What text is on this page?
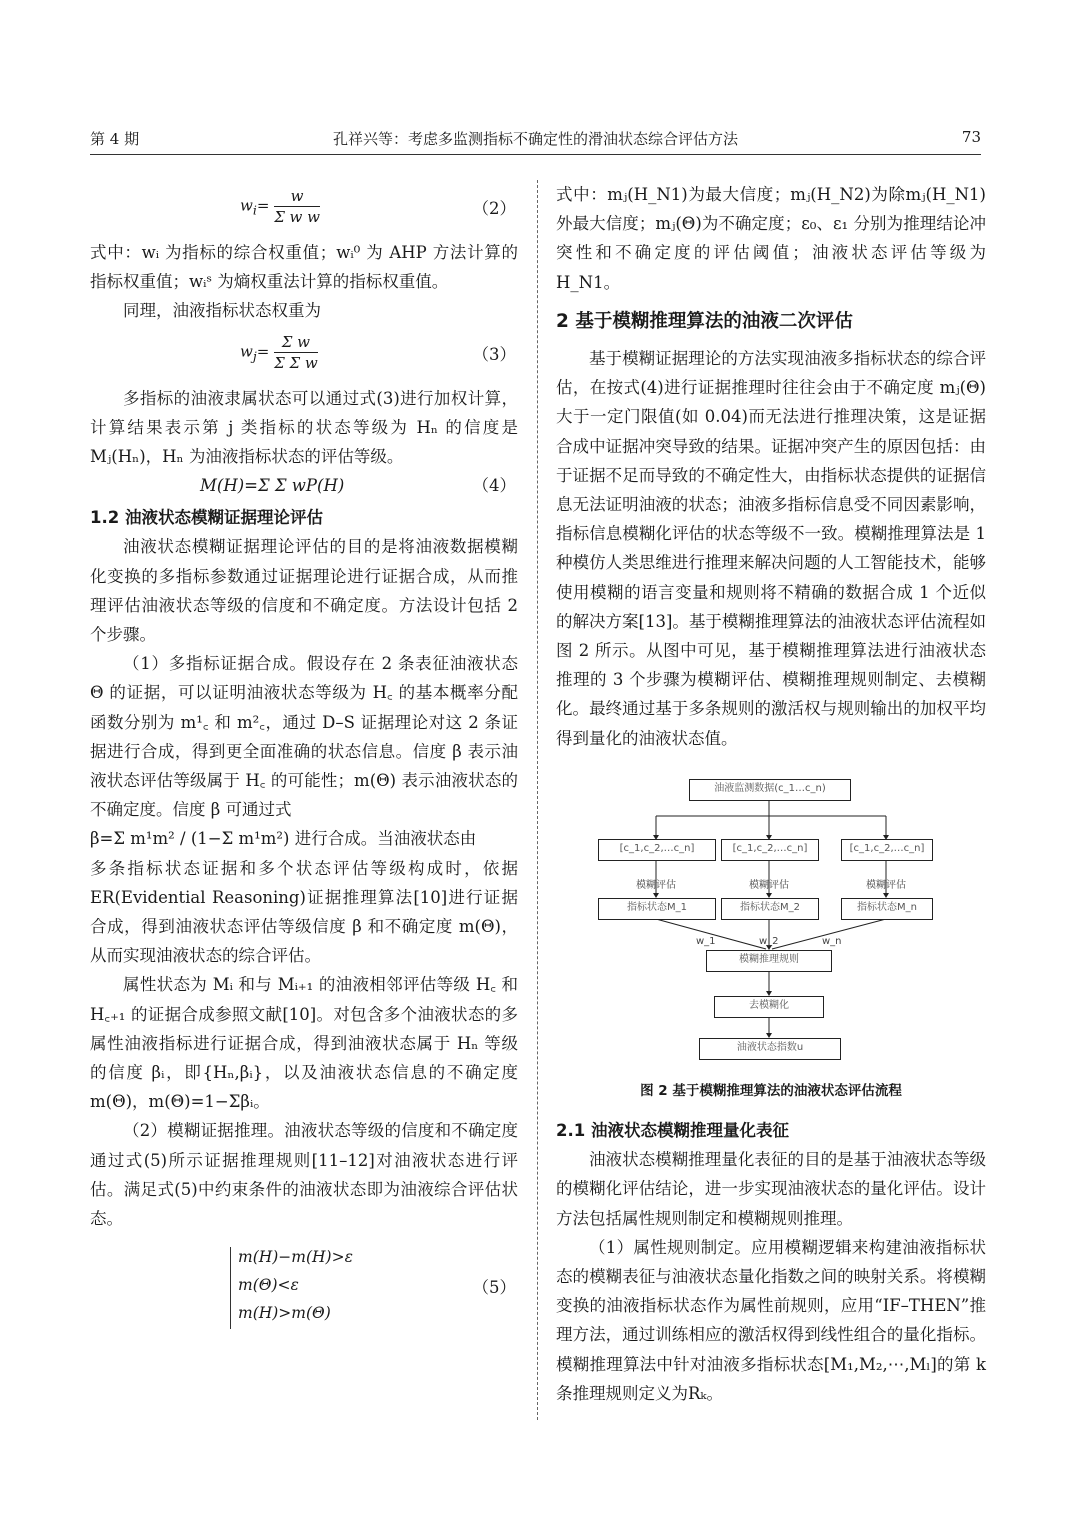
第 4 期	孔祥兴等：考虑多监测指标不确定性的滑油状态综合评估方法	73
$w_i= \frac{w}{\text{Σ w w}}$	（2）

式中：wᵢ 为指标的综合权重值；wᵢ⁰ 为 AHP 方法计算的指标权重值；wᵢˢ 为熵权重法计算的指标权重值。

同理，油液指标状态权重为

$w_j= \frac{\text{Σ w}}{\text{Σ Σ w}}$	（3）

多指标的油液隶属状态可以通过式(3)进行加权计算，计算结果表示第 j 类指标的状态等级为 Hₙ 的信度是 Mⱼ(Hₙ)，Hₙ 为油液指标状态的评估等级。

M(H)=Σ Σ wP(H)	（4）
1.2 油液状态模糊证据理论评估

油液状态模糊证据理论评估的目的是将油液数据模糊化变换的多指标参数通过证据理论进行证据合成，从而推理评估油液状态等级的信度和不确定度。方法设计包括 2 个步骤。

（1）多指标证据合成。假设存在 2 条表征油液状态 Θ 的证据，可以证明油液状态等级为 H꜀ 的基本概率分配函数分别为 m¹꜀ 和 m²꜀，通过 D–S 证据理论对这 2 条证据进行合成，得到更全面准确的状态信息。信度 β 表示油液状态评估等级属于 H꜀ 的可能性；m(Θ) 表示油液状态的不确定度。信度 β 可通过式

β=Σ m¹m² / (1−Σ m¹m²) 进行合成。当油液状态由

多条指标状态证据和多个状态评估等级构成时，依据 ER(Evidential Reasoning)证据推理算法[10]进行证据合成，得到油液状态评估等级信度 β 和不确定度 m(Θ)，从而实现油液状态的综合评估。

属性状态为 Mᵢ 和与 Mᵢ₊₁ 的油液相邻评估等级 H꜀ 和 H꜀₊₁ 的证据合成参照文献[10]。对包含多个油液状态的多属性油液指标进行证据合成，得到油液状态属于 Hₙ 等级的信度 βᵢ，即{Hₙ,βᵢ}，以及油液状态信息的不确定度 m(Θ)，m(Θ)=1−Σβᵢ。

（2）模糊证据推理。油液状态等级的信度和不确定度通过式(5)所示证据推理规则[11–12]对油液状态进行评估。满足式(5)中约束条件的油液状态即为油液综合评估状态。

m(H)−m(H)>ε
m(Θ)<ε
m(H)>m(Θ)
（5）

式中：mⱼ(H_N1)为最大信度；mⱼ(H_N2)为除mⱼ(H_N1)外最大信度；mⱼ(Θ)为不确定度；ε₀、ε₁ 分别为推理结论冲突性和不确定度的评估阈值；油液状态评估等级为 H_N1。

2 基于模糊推理算法的油液二次评估

基于模糊证据理论的方法实现油液多指标状态的综合评估，在按式(4)进行证据推理时往往会由于不确定度 mⱼ(Θ)大于一定门限值(如 0.04)而无法进行推理决策，这是证据合成中证据冲突导致的结果。证据冲突产生的原因包括：由于证据不足而导致的不确定性大，由指标状态提供的证据信息无法证明油液的状态；油液多指标信息受不同因素影响，指标信息模糊化评估的状态等级不一致。模糊推理算法是 1 种模仿人类思维进行推理来解决问题的人工智能技术，能够使用模糊的语言变量和规则将不精确的数据合成 1 个近似的解决方案[13]。基于模糊推理算法的油液状态评估流程如图 2 所示。从图中可见，基于模糊推理算法进行油液状态推理的 3 个步骤为模糊评估、模糊推理规则制定、去模糊化。最终通过基于多条规则的激活权与规则输出的加权平均得到量化的油液状态值。

油液监测数据(c_1…c_n)
[c_1,c_2,…c_n]	[c_1,c_2,…c_n]	[c_1,c_2,…c_n]
模糊评估	模糊评估	模糊评估
指标状态M_1	指标状态M_2	指标状态M_n
w_1	w_2	w_n
模糊推理规则
去模糊化
油液状态指数u
图 2 基于模糊推理算法的油液状态评估流程
2.1 油液状态模糊推理量化表征

油液状态模糊推理量化表征的目的是基于油液状态等级的模糊化评估结论，进一步实现油液状态的量化评估。设计方法包括属性规则制定和模糊规则推理。

（1）属性规则制定。应用模糊逻辑来构建油液指标状态的模糊表征与油液状态量化指数之间的映射关系。将模糊变换的油液指标状态作为属性前规则，应用“IF–THEN”推理方法，通过训练相应的激活权得到线性组合的量化指标。模糊推理算法中针对油液多指标状态[M₁,M₂,⋯,Mₗ]的第 k 条推理规则定义为Rₖ。
